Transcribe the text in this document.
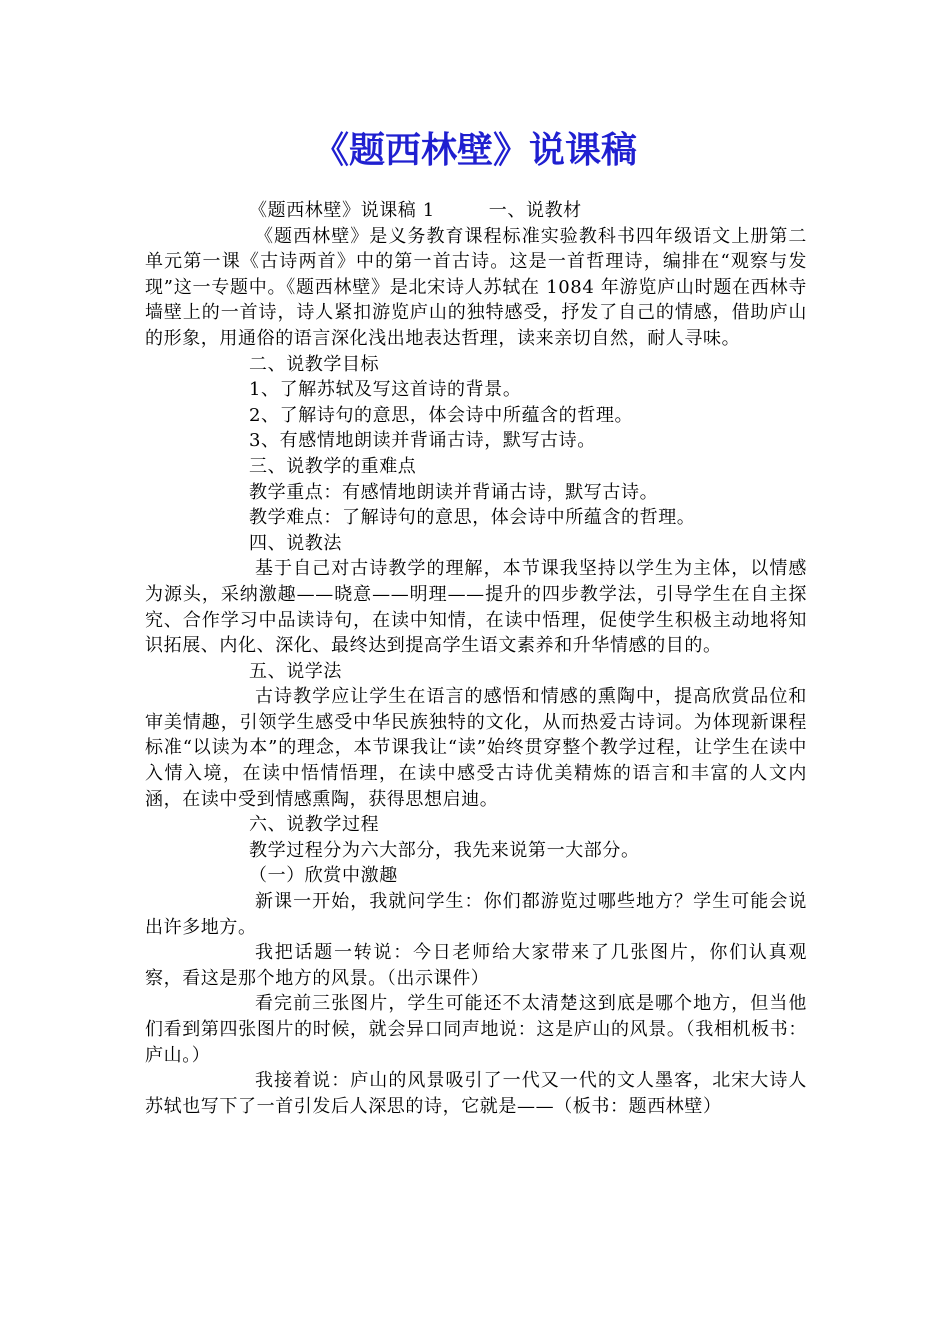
《题西林壁》说课稿

《题西林壁》说课稿 1	一、说教材

《题西林壁》是义务教育课程标准实验教科书四年级语文上册第二单元第一课《古诗两首》中的第一首古诗。这是一首哲理诗，编排在“观察与发现”这一专题中。《题西林壁》是北宋诗人苏轼在 1084 年游览庐山时题在西林寺墙壁上的一首诗，诗人紧扣游览庐山的独特感受，抒发了自己的情感，借助庐山的形象，用通俗的语言深化浅出地表达哲理，读来亲切自然，耐人寻味。

二、说教学目标

1、了解苏轼及写这首诗的背景。

2、了解诗句的意思，体会诗中所蕴含的哲理。

3、有感情地朗读并背诵古诗，默写古诗。

三、说教学的重难点

教学重点：有感情地朗读并背诵古诗，默写古诗。

教学难点：了解诗句的意思，体会诗中所蕴含的哲理。

四、说教法

基于自己对古诗教学的理解，本节课我坚持以学生为主体，以情感为源头，采纳激趣——晓意——明理——提升的四步教学法，引导学生在自主探究、合作学习中品读诗句，在读中知情，在读中悟理，促使学生积极主动地将知识拓展、内化、深化、最终达到提高学生语文素养和升华情感的目的。

五、说学法

古诗教学应让学生在语言的感悟和情感的熏陶中，提高欣赏品位和审美情趣，引领学生感受中华民族独特的文化，从而热爱古诗词。为体现新课程标准“以读为本”的理念，本节课我让“读”始终贯穿整个教学过程，让学生在读中入情入境，在读中悟情悟理，在读中感受古诗优美精炼的语言和丰富的人文内涵，在读中受到情感熏陶，获得思想启迪。

六、说教学过程

教学过程分为六大部分，我先来说第一大部分。

（一）欣赏中激趣

新课一开始，我就问学生：你们都游览过哪些地方？学生可能会说出许多地方。

我把话题一转说：今日老师给大家带来了几张图片，你们认真观察，看这是那个地方的风景。（出示课件）

看完前三张图片，学生可能还不太清楚这到底是哪个地方，但当他们看到第四张图片的时候，就会异口同声地说：这是庐山的风景。（我相机板书：庐山。）

我接着说：庐山的风景吸引了一代又一代的文人墨客，北宋大诗人苏轼也写下了一首引发后人深思的诗，它就是——（板书：题西林壁）
